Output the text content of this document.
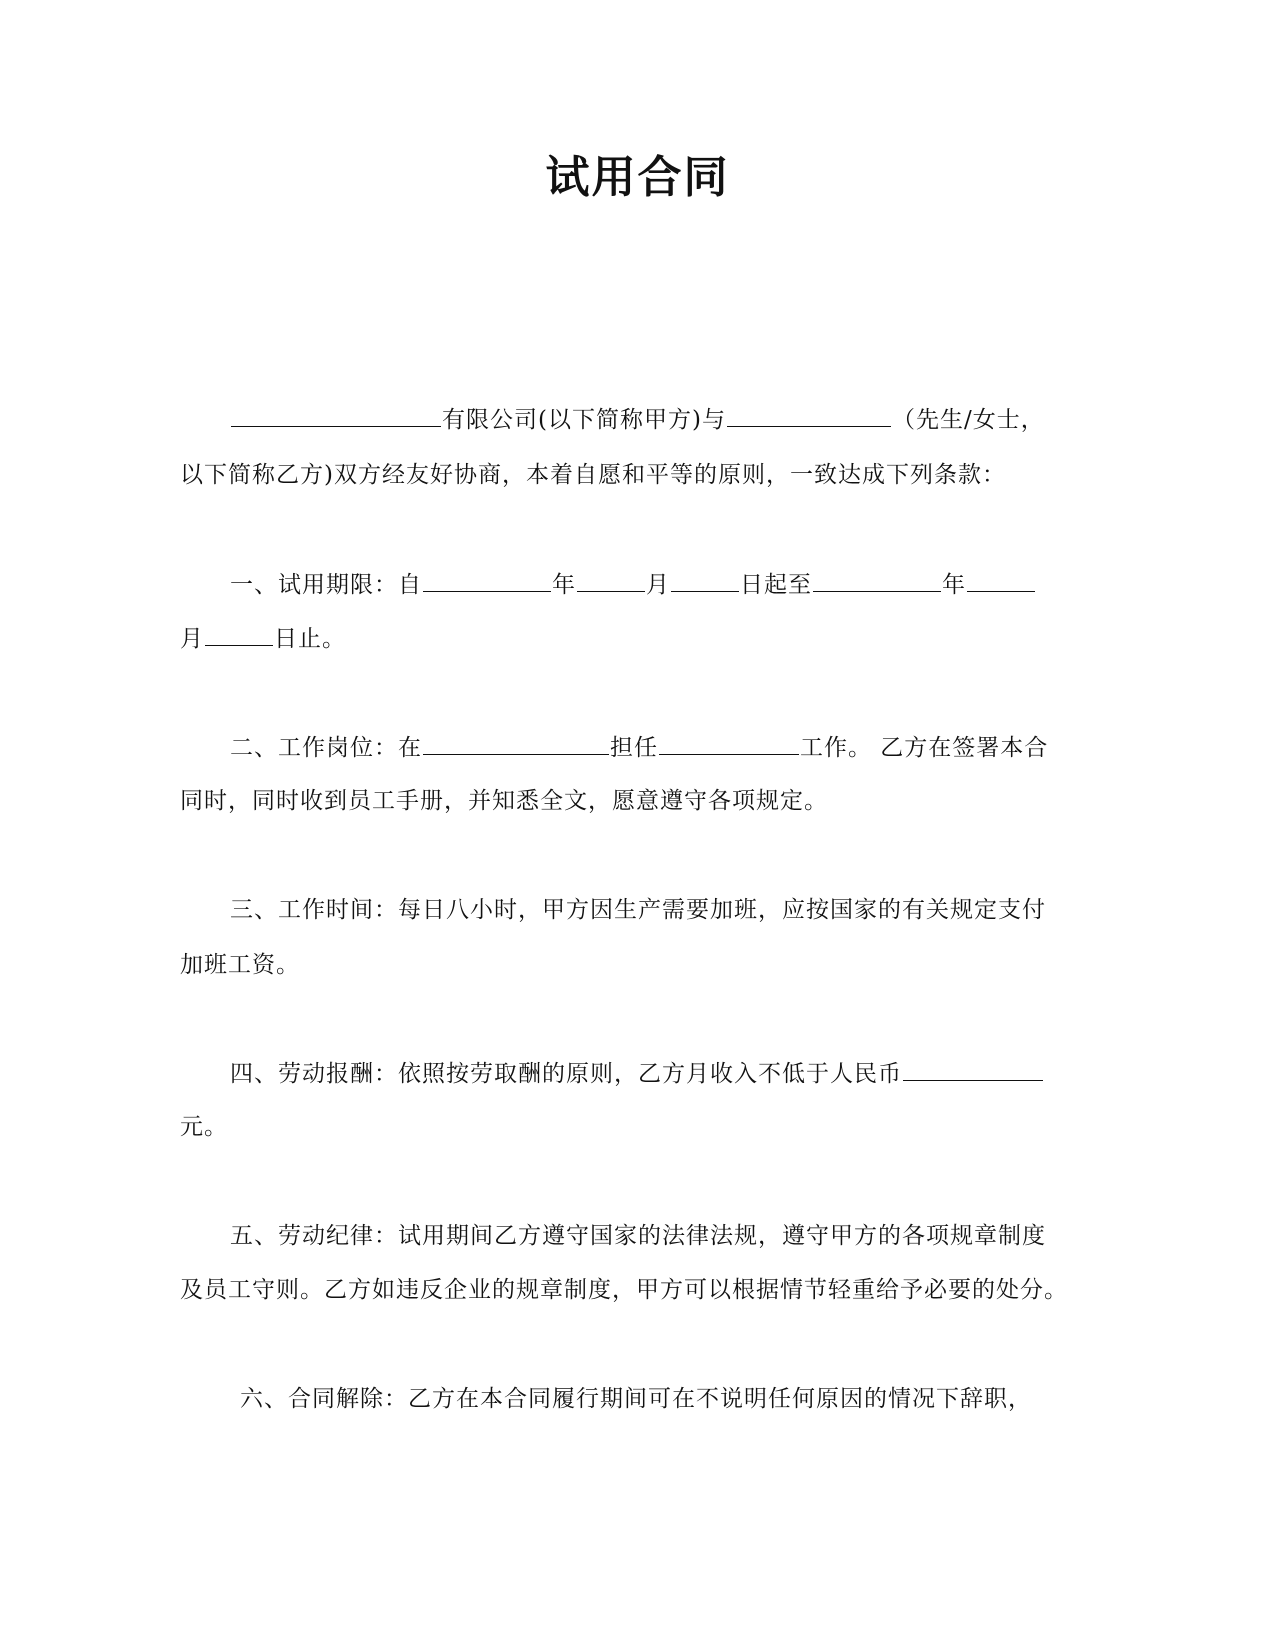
试用合同
有限公司(以下简称甲方)与	（先生/女士，
以下简称乙方)双方经友好协商，本着自愿和平等的原则，一致达成下列条款：
一、试用期限：自	年	月	日起至	年
月	日止。
二、工作岗位：在	担任	工作。 乙方在签署本合
同时，同时收到员工手册，并知悉全文，愿意遵守各项规定。
三、工作时间：每日八小时，甲方因生产需要加班，应按国家的有关规定支付
加班工资。
四、劳动报酬：依照按劳取酬的原则，乙方月收入不低于人民币
元。
五、劳动纪律：试用期间乙方遵守国家的法律法规，遵守甲方的各项规章制度
及员工守则。乙方如违反企业的规章制度，甲方可以根据情节轻重给予必要的处分。
六、合同解除：乙方在本合同履行期间可在不说明任何原因的情况下辞职，
